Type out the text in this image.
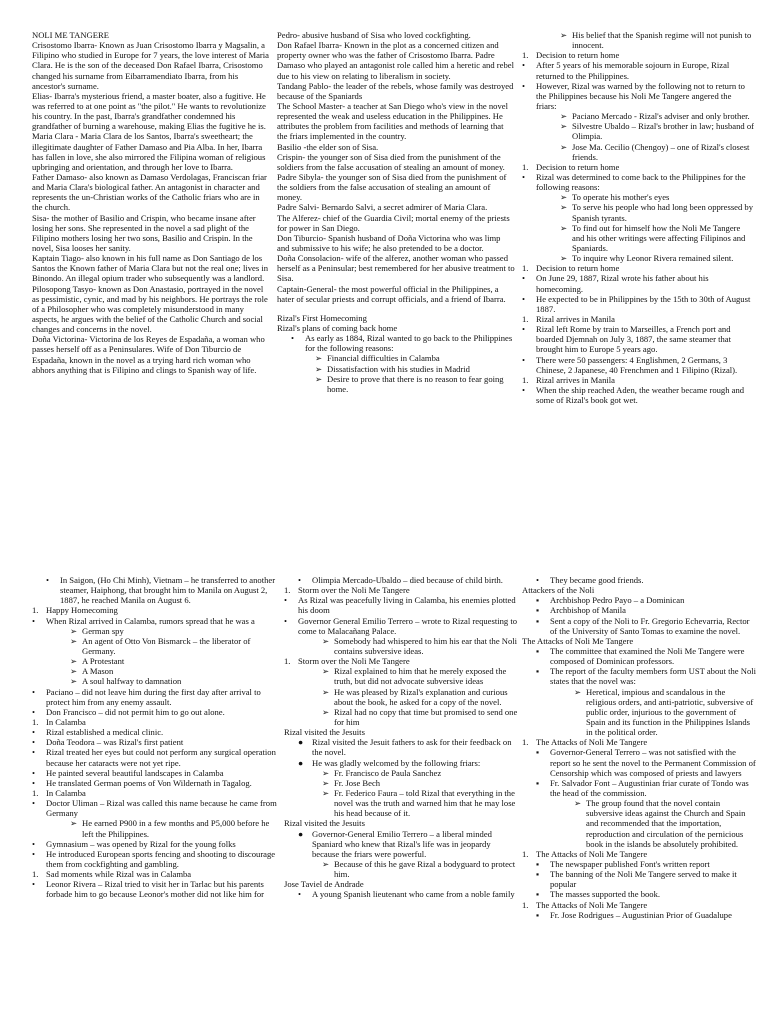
NOLI ME TANGERE

Crisostomo Ibarra- Known as Juan Crisostomo Ibarra y Magsalin, a Filipino who studied in Europe for 7 years, the love interest of Maria Clara. He is the son of the deceased Don Rafael Ibarra, Crisostomo changed his surname from Eibarramendiato Ibarra, from his ancestor's surname.

Elias- Ibarra's mysterious friend, a master boater, also a fugitive. He was referred to at one point as "the pilot." He wants to revolutionize his country. In the past, Ibarra's grandfather condemned his grandfather of burning a warehouse, making Elias the fugitive he is.

Maria Clara - Maria Clara de los Santos, Ibarra's sweetheart; the illegitimate daughter of Father Damaso and Pia Alba. In her, Ibarra has fallen in love, she also mirrored the Filipina woman of religious upbringing and orientation, and through her love to Ibarra.

Father Damaso- also known as Damaso Verdolagas, Franciscan friar and Maria Clara's biological father. An antagonist in character and represents the un-Christian works of the Catholic friars who are in the church.

Sisa- the mother of Basilio and Crispin, who became insane after losing her sons. She represented in the novel a sad plight of the Filipino mothers losing her two sons, Basilio and Crispin. In the novel, Sisa looses her sanity.

Kaptain Tiago- also known in his full name as Don Santiago de los Santos the Known father of Maria Clara but not the real one; lives in Binondo. An illegal opium trader who subsequently was a landlord.

Pilosopong Tasyo- known as Don Anastasio, portrayed in the novel as pessimistic, cynic, and mad by his neighbors. He portrays the role of a Philosopher who was completely misunderstood in many aspects, he argues with the belief of the Catholic Church and social changes and concerns in the novel.

Doña Victorina- Victorina de los Reyes de Espadaña, a woman who passes herself off as a Peninsulares. Wife of Don Tiburcio de Espadaña, known in the novel as a trying hard rich woman who abhors anything that is Filipino and clings to Spanish way of life.

Pedro- abusive husband of Sisa who loved cockfighting.

Don Rafael Ibarra- Known in the plot as a concerned citizen and property owner who was the father of Crisostomo Ibarra. Padre Damaso who played an antagonist role called him a heretic and rebel due to his view on relating to liberalism in society.

Tandang Pablo- the leader of the rebels, whose family was destroyed because of the Spaniards

The School Master- a teacher at San Diego who's view in the novel represented the weak and useless education in the Philippines. He attributes the problem from facilities and methods of learning that the friars implemented in the country.

Basilio -the elder son of Sisa.

Crispin- the younger son of Sisa died from the punishment of the soldiers from the false accusation of stealing an amount of money.

Padre Sibyla- the younger son of Sisa died from the punishment of the soldiers from the false accusation of stealing an amount of money.

Padre Salvi- Bernardo Salvi, a secret admirer of Maria Clara.

The Alferez- chief of the Guardia Civil; mortal enemy of the priests for power in San Diego.

Don Tiburcio- Spanish husband of Doña Victorina who was limp and submissive to his wife; he also pretended to be a doctor.

Doña Consolacion- wife of the alferez, another woman who passed herself as a Peninsular; best remembered for her abusive treatment to Sisa.

Captain-General- the most powerful official in the Philippines, a hater of secular priests and corrupt officials, and a friend of Ibarra.

Rizal's First Homecoming

Rizal's plans of coming back home

•	As early as 1884, Rizal wanted to go back to the Philippines for the following reasons:
➢ Financial difficulties in Calamba
➢ Dissatisfaction with his studies in Madrid
➢ Desire to prove that there is no reason to fear going home.
➢ His belief that the Spanish regime will not punish to innocent.
1. Decision to return home
•	After 5 years of his memorable sojourn in Europe, Rizal returned to the Philippines.
•	However, Rizal was warned by the following not to return to the Philippines because his Noli Me Tangere angered the friars:
➢ Paciano Mercado - Rizal's adviser and only brother.
➢ Silvestre Ubaldo – Rizal's brother in law; husband of Olimpia.
➢ Jose Ma. Cecilio (Chengoy) – one of Rizal's closest friends.
1. Decision to return home
•	Rizal was determined to come back to the Philippines for the following reasons:
➢ To operate his mother's eyes
➢ To serve his people who had long been oppressed by Spanish tyrants.
➢ To find out for himself how the Noli Me Tangere and his other writings were affecting Filipinos and Spaniards.
➢ To inquire why Leonor Rivera remained silent.
1. Decision to return home
•	On June 29, 1887, Rizal wrote his father about his homecoming.
•	He expected to be in Philippines by the 15th to 30th of August 1887.
1. Rizal arrives in Manila
•	Rizal left Rome by train to Marseilles, a French port and boarded Djemnah on July 3, 1887, the same steamer that brought him to Europe 5 years ago.
•	There were 50 passengers: 4 Englishmen, 2 Germans, 3 Chinese, 2 Japanese, 40 Frenchmen and 1 Filipino (Rizal).
1. Rizal arrives in Manila
•	When the ship reached Aden, the weather became rough and some of Rizal's book got wet.
•	In Saigon, (Ho Chi Minh), Vietnam – he transferred to another steamer, Haiphong, that brought him to Manila on August 2, 1887, he reached Manila on August 6.
1. Happy Homecoming
•	When Rizal arrived in Calamba, rumors spread that he was a
➢ German spy
➢ An agent of Otto Von Bismarck – the liberator of Germany.
➢ A Protestant
➢ A Mason
➢ A soul halfway to damnation
•	Paciano – did not leave him during the first day after arrival to protect him from any enemy assault.
•	Don Francisco – did not permit him to go out alone.
1. In Calamba
•	Rizal established a medical clinic.
•	Doña Teodora – was Rizal's first patient
•	Rizal treated her eyes but could not perform any surgical operation because her cataracts were not yet ripe.
•	He painted several beautiful landscapes in Calamba
•	He translated German poems of Von Wildernath in Tagalog.
1. In Calamba
•	Doctor Uliman – Rizal was called this name because he came from Germany
➢ He earned P900 in a few months and P5,000 before he left the Philippines.
•	Gymnasium – was opened by Rizal for the young folks
•	He introduced European sports fencing and shooting to discourage them from cockfighting and gambling.
1. Sad moments while Rizal was in Calamba
•	Leonor Rivera – Rizal tried to visit her in Tarlac but his parents forbade him to go because Leonor's mother did not like him for
•	Olimpia Mercado-Ubaldo – died because of child birth.
1. Storm over the Noli Me Tangere
•	As Rizal was peacefully living in Calamba, his enemies plotted his doom
•	Governor General Emilio Terrero – wrote to Rizal requesting to come to Malacañang Palace.
➢ Somebody had whispered to him his ear that the Noli contains subversive ideas.
1. Storm over the Noli Me Tangere
➢ Rizal explained to him that he merely exposed the truth, but did not advocate subversive ideas
➢ He was pleased by Rizal's explanation and curious about the book, he asked for a copy of the novel.
➢ Rizal had no copy that time but promised to send one for him

Rizal visited the Jesuits

●	Rizal visited the Jesuit fathers to ask for their feedback on the novel.
●	He was gladly welcomed by the following friars:
➢ Fr. Francisco de Paula Sanchez
➢ Fr. Jose Bech
➢ Fr. Federico Faura – told Rizal that everything in the novel was the truth and warned him that he may lose his head because of it.

Rizal visited the Jesuits

●	Governor-General Emilio Terrero – a liberal minded Spaniard who knew that Rizal's life was in jeopardy because the friars were powerful.
➢ Because of this he gave Rizal a bodyguard to protect him.

Jose Taviel de Andrade

•	A young Spanish lieutenant who came from a noble family
•	They became good friends.

Attackers of the Noli

▪	Archbishop Pedro Payo – a Dominican
▪	Archbishop of Manila
▪	Sent a copy of the Noli to Fr. Gregorio Echevarria, Rector of the University of Santo Tomas to examine the novel.

The Attacks of Noli Me Tangere

▪	The committee that examined the Noli Me Tangere were composed of Dominican professors.
▪	The report of the faculty members form UST about the Noli states that the novel was:
➢ Heretical, impious and scandalous in the religious orders, and anti-patriotic, subversive of public order, injurious to the government of Spain and its function in the Philippines Islands in the political order.
1. The Attacks of Noli Me Tangere
▪	Governor-General Terrero – was not satisfied with the report so he sent the novel to the Permanent Commission of Censorship which was composed of priests and lawyers
▪	Fr. Salvador Font – Augustinian friar curate of Tondo was the head of the commission.
➢ The group found that the novel contain subversive ideas against the Church and Spain and recommended that the importation, reproduction and circulation of the pernicious book in the islands be absolutely prohibited.
1. The Attacks of Noli Me Tangere
▪	The newspaper published Font's written report
▪	The banning of the Noli Me Tangere served to make it popular
▪	The masses supported the book.
1. The Attacks of Noli Me Tangere
▪	Fr. Jose Rodrigues – Augustinian Prior of Guadalupe
